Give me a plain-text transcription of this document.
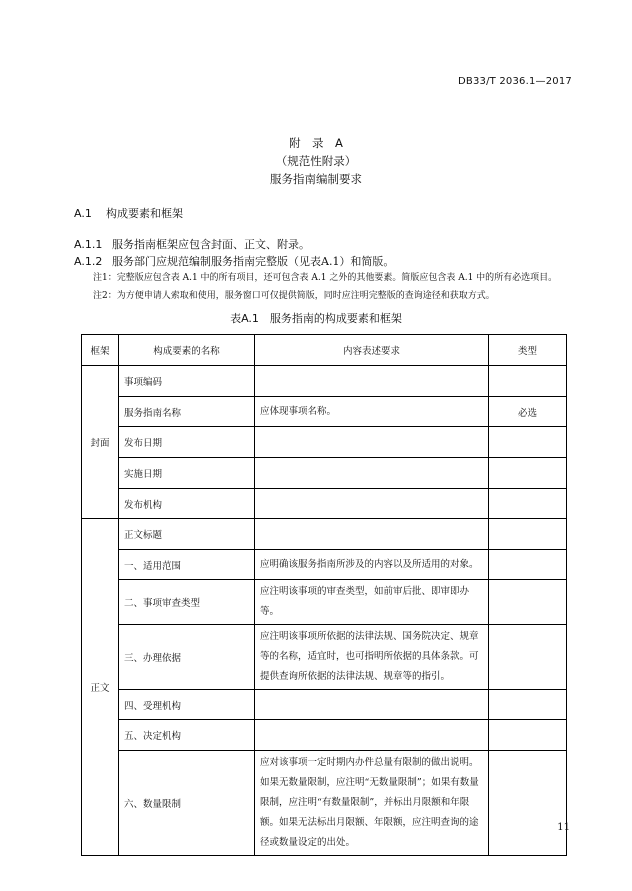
DB33/T 2036.1—2017
附　录　A
（规范性附录）
服务指南编制要求
A.1 构成要素和框架
A.1.1 服务指南框架应包含封面、正文、附录。
A.1.2 服务部门应规范编制服务指南完整版（见表A.1）和简版。
注1：完整版应包含表 A.1 中的所有项目，还可包含表 A.1 之外的其他要素。简版应包含表 A.1 中的所有必选项目。
注2：为方便申请人索取和使用，服务窗口可仅提供简版，同时应注明完整版的查询途径和获取方式。
表A.1　服务指南的构成要素和框架
框架	构成要素的名称	内容表述要求	类型
封面	事项编码		
	服务指南名称	应体现事项名称。	必选
	发布日期		
	实施日期		
	发布机构		
正文	正文标题		
	一、适用范围	应明确该服务指南所涉及的内容以及所适用的对象。	
	二、事项审查类型	应注明该事项的审查类型，如前审后批、即审即办等。	
	三、办理依据	应注明该事项所依据的法律法规、国务院决定、规章等的名称，适宜时，也可指明所依据的具体条款。可提供查询所依据的法律法规、规章等的指引。	
	四、受理机构		
	五、决定机构		
	六、数量限制	应对该事项一定时期内办件总量有限制的做出说明。如果无数量限制，应注明“无数量限制”；如果有数量限制，应注明“有数量限制”，并标出月限额和年限额。如果无法标出月限额、年限额，应注明查询的途径或数量设定的出处。	
11
